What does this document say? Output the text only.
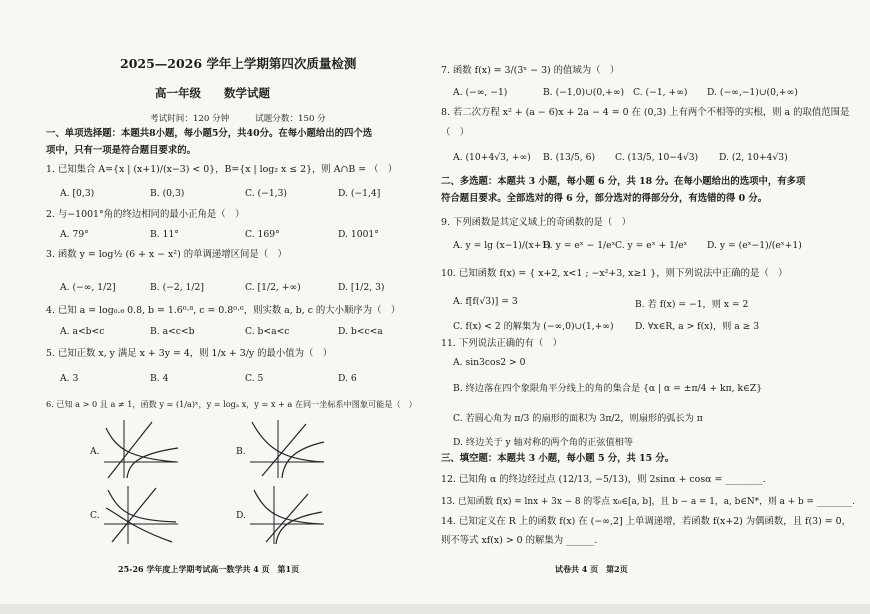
2025—2026 学年上学期第四次质量检测
高一年级　　数学试题
考试时间：120 分钟　　　试题分数：150 分
一、单项选择题：本题共8小题，每小题5分，共40分。在每小题给出的四个选
项中，只有一项是符合题目要求的。
1. 已知集合 A={x | (x+1)/(x−3) < 0}，B={x | log₂ x ≤ 2}，则 A∩B = （　）
A. [0,3)	B. (0,3)	C. (−1,3)	D. (−1,4]
2. 与−1001°角的终边相同的最小正角是（　）
A. 79°	B. 11°	C. 169°	D. 1001°
3. 函数 y = log½ (6 + x − x²) 的单调递增区间是（　）
A. (−∞, 1/2]	B. (−2, 1/2]	C. [1/2, +∞)	D. [1/2, 3)
4. 已知 a = log₀.₆ 0.8, b = 1.6⁰·⁸, c = 0.8⁰·⁶，则实数 a, b, c 的大小顺序为（　）
A. a<b<c	B. a<c<b	C. b<a<c	D. b<c<a
5. 已知正数 x, y 满足 x + 3y = 4，则 1/x + 3/y 的最小值为（　）
A. 3	B. 4	C. 5	D. 6
6. 已知 a > 0 且 a ≠ 1，函数 y = (1/a)ˣ，y = logₐ x，y = x + a 在同一坐标系中图象可能是（　）
A.	B.
C.	D.
25-26 学年度上学期考试高一数学共 4 页　第1页
7. 函数 f(x) = 3/(3ˣ − 3) 的值域为（　）
A. (−∞, −1)	B. (−1,0)∪(0,+∞) C. (−1, +∞) D. (−∞,−1)∪(0,+∞)
8. 若二次方程 x² + (a − 6)x + 2a − 4 = 0 在 (0,3) 上有两个不相等的实根，则 a 的取值范围是
（　）
A. (10+4√3, +∞) B. (13/5, 6) C. (13/5, 10−4√3) D. (2, 10+4√3)
二、多选题：本题共 3 小题，每小题 6 分，共 18 分。在每小题给出的选项中，有多项
符合题目要求。全部选对的得 6 分，部分选对的得部分分，有选错的得 0 分。
9. 下列函数是其定义域上的奇函数的是（　）
A. y = lg (x−1)/(x+1)
B. y = eˣ − 1/eˣ C. y = eˣ + 1/eˣ D. y = (eˣ−1)/(eˣ+1)
10. 已知函数 f(x) = { x+2, x<1 ; −x²+3, x≥1 }，则下列说法中正确的是（　）
A. f[f(√3)] = 3	B. 若 f(x) = −1，则 x = 2
C. f(x) < 2 的解集为 (−∞,0)∪(1,+∞) D. ∀x∈R, a > f(x)，则 a ≥ 3
11. 下列说法正确的有（　）
A. sin3cos2 > 0
B. 终边落在四个象限角平分线上的角的集合是 {α | α = ±π/4 + kπ, k∈Z}
C. 若圆心角为 π/3 的扇形的面积为 3π/2，则扇形的弧长为 π
D. 终边关于 y 轴对称的两个角的正弦值相等
三、填空题：本题共 3 小题，每小题 5 分，共 15 分。
12. 已知角 α 的终边经过点 (12/13, −5/13)，则 2sinα + cosα = ________.
13. 已知函数 f(x) = lnx + 3x − 8 的零点 x₀∈[a, b]，且 b − a = 1，a, b∈N*，则 a + b = ________.
14. 已知定义在 R 上的函数 f(x) 在 (−∞,2] 上单调递增，若函数 f(x+2) 为偶函数，且 f(3) = 0，
则不等式 xf(x) > 0 的解集为 ______.
试卷共 4 页　第2页
